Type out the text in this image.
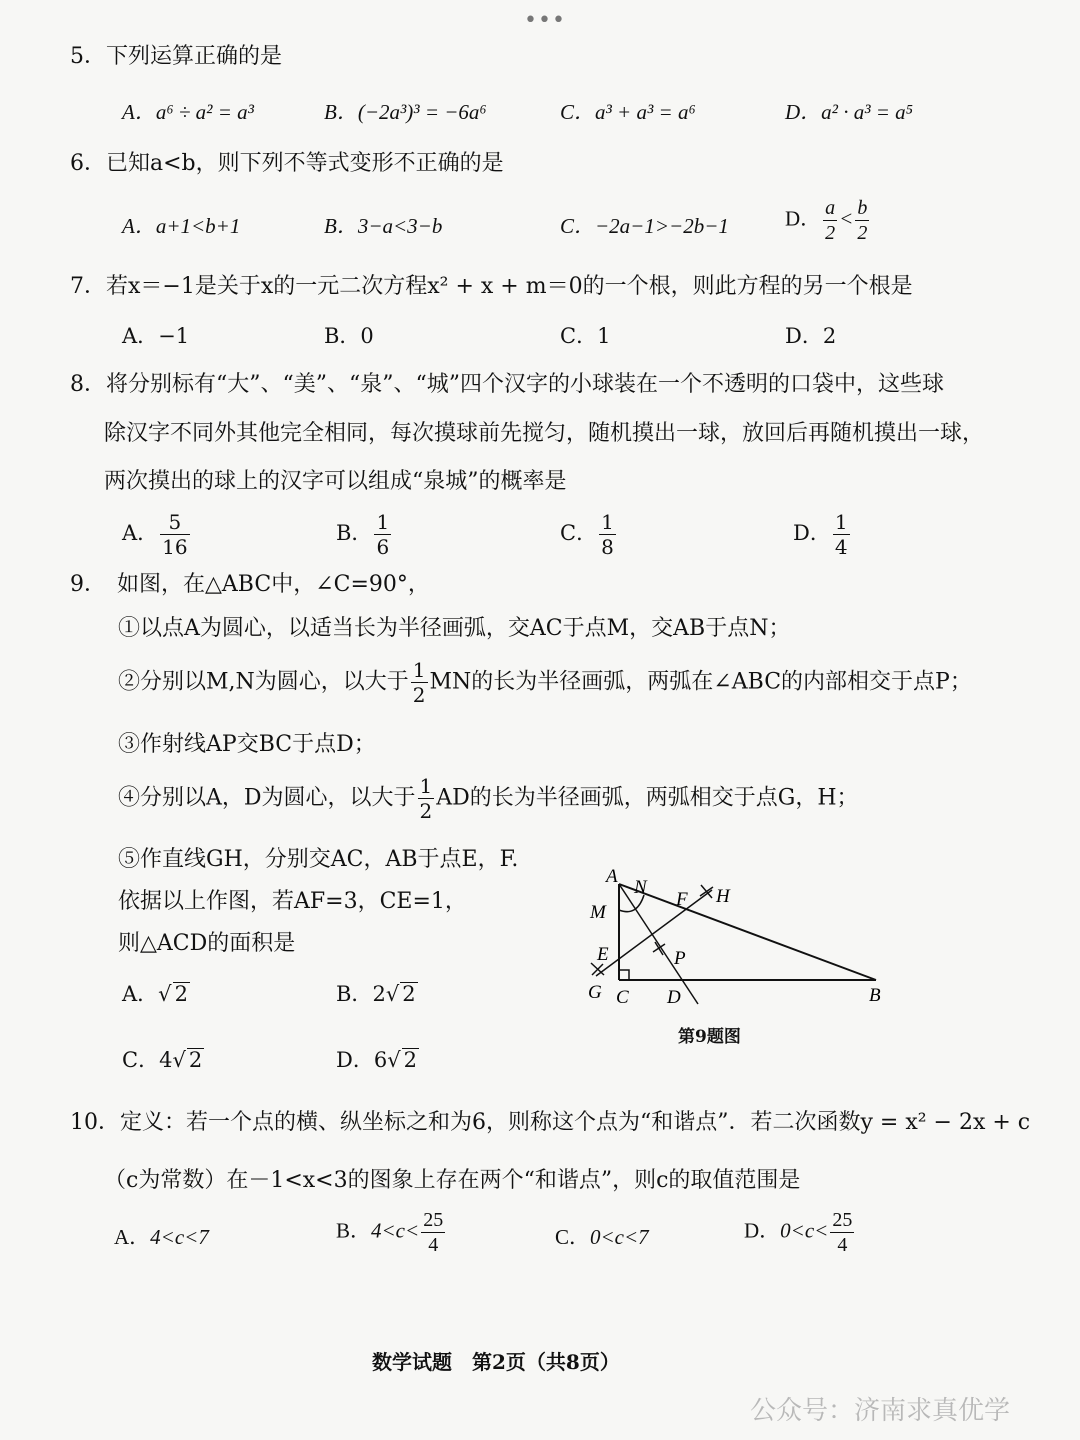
•••
5．下列运算正确的是
A．a⁶ ÷ a² = a³	B．(−2a³)³ = −6a⁶	C．a³ + a³ = a⁶	D．a² · a³ = a⁵
6．已知a<b，则下列不等式变形不正确的是
A．a+1<b+1	B．3−a<3−b	C．−2a−1>−2b−1	D． $\frac{a}{2} < \frac{b}{2}$
7．若x＝−1是关于x的一元二次方程x² + x + m＝0的一个根，则此方程的另一个根是
A．−1	B．0	C．1	D．2
8．将分别标有“大”、“美”、“泉”、“城”四个汉字的小球装在一个不透明的口袋中，这些球
除汉字不同外其他完全相同，每次摸球前先搅匀，随机摸出一球，放回后再随机摸出一球，
两次摸出的球上的汉字可以组成“泉城”的概率是
A． $\frac{5}{16}$	B． $\frac{1}{6}$	C． $\frac{1}{8}$	D． $\frac{1}{4}$
9．　如图，在△ABC中，∠C=90°，
①以点A为圆心，以适当长为半径画弧，交AC于点M，交AB于点N；
②分别以M,N为圆心，以大于 $\frac{1}{2}$ MN的长为半径画弧，两弧在∠ABC的内部相交于点P；
③作射线AP交BC于点D；
④分别以A，D为圆心，以大于 $\frac{1}{2}$ AD的长为半径画弧，两弧相交于点G，H；
⑤作直线GH，分别交AC，AB于点E，F.
依据以上作图，若AF=3，CE=1，
则△ACD的面积是
A．√ 2	B．2√ 2
C．4√ 2	D．6√ 2
A
N
F H
M
E	P
G C D	B
第9题图
10．定义：若一个点的横、纵坐标之和为6，则称这个点为“和谐点”．若二次函数y = x² − 2x + c
（c为常数）在－1<x<3的图象上存在两个“和谐点”，则c的取值范围是
A．4<c<7	B．$4<c< \frac{25}{4}$	C．0<c<7	D．$0<c< \frac{25}{4}$
数学试题　第2页（共8页）
公众号：济南求真优学
